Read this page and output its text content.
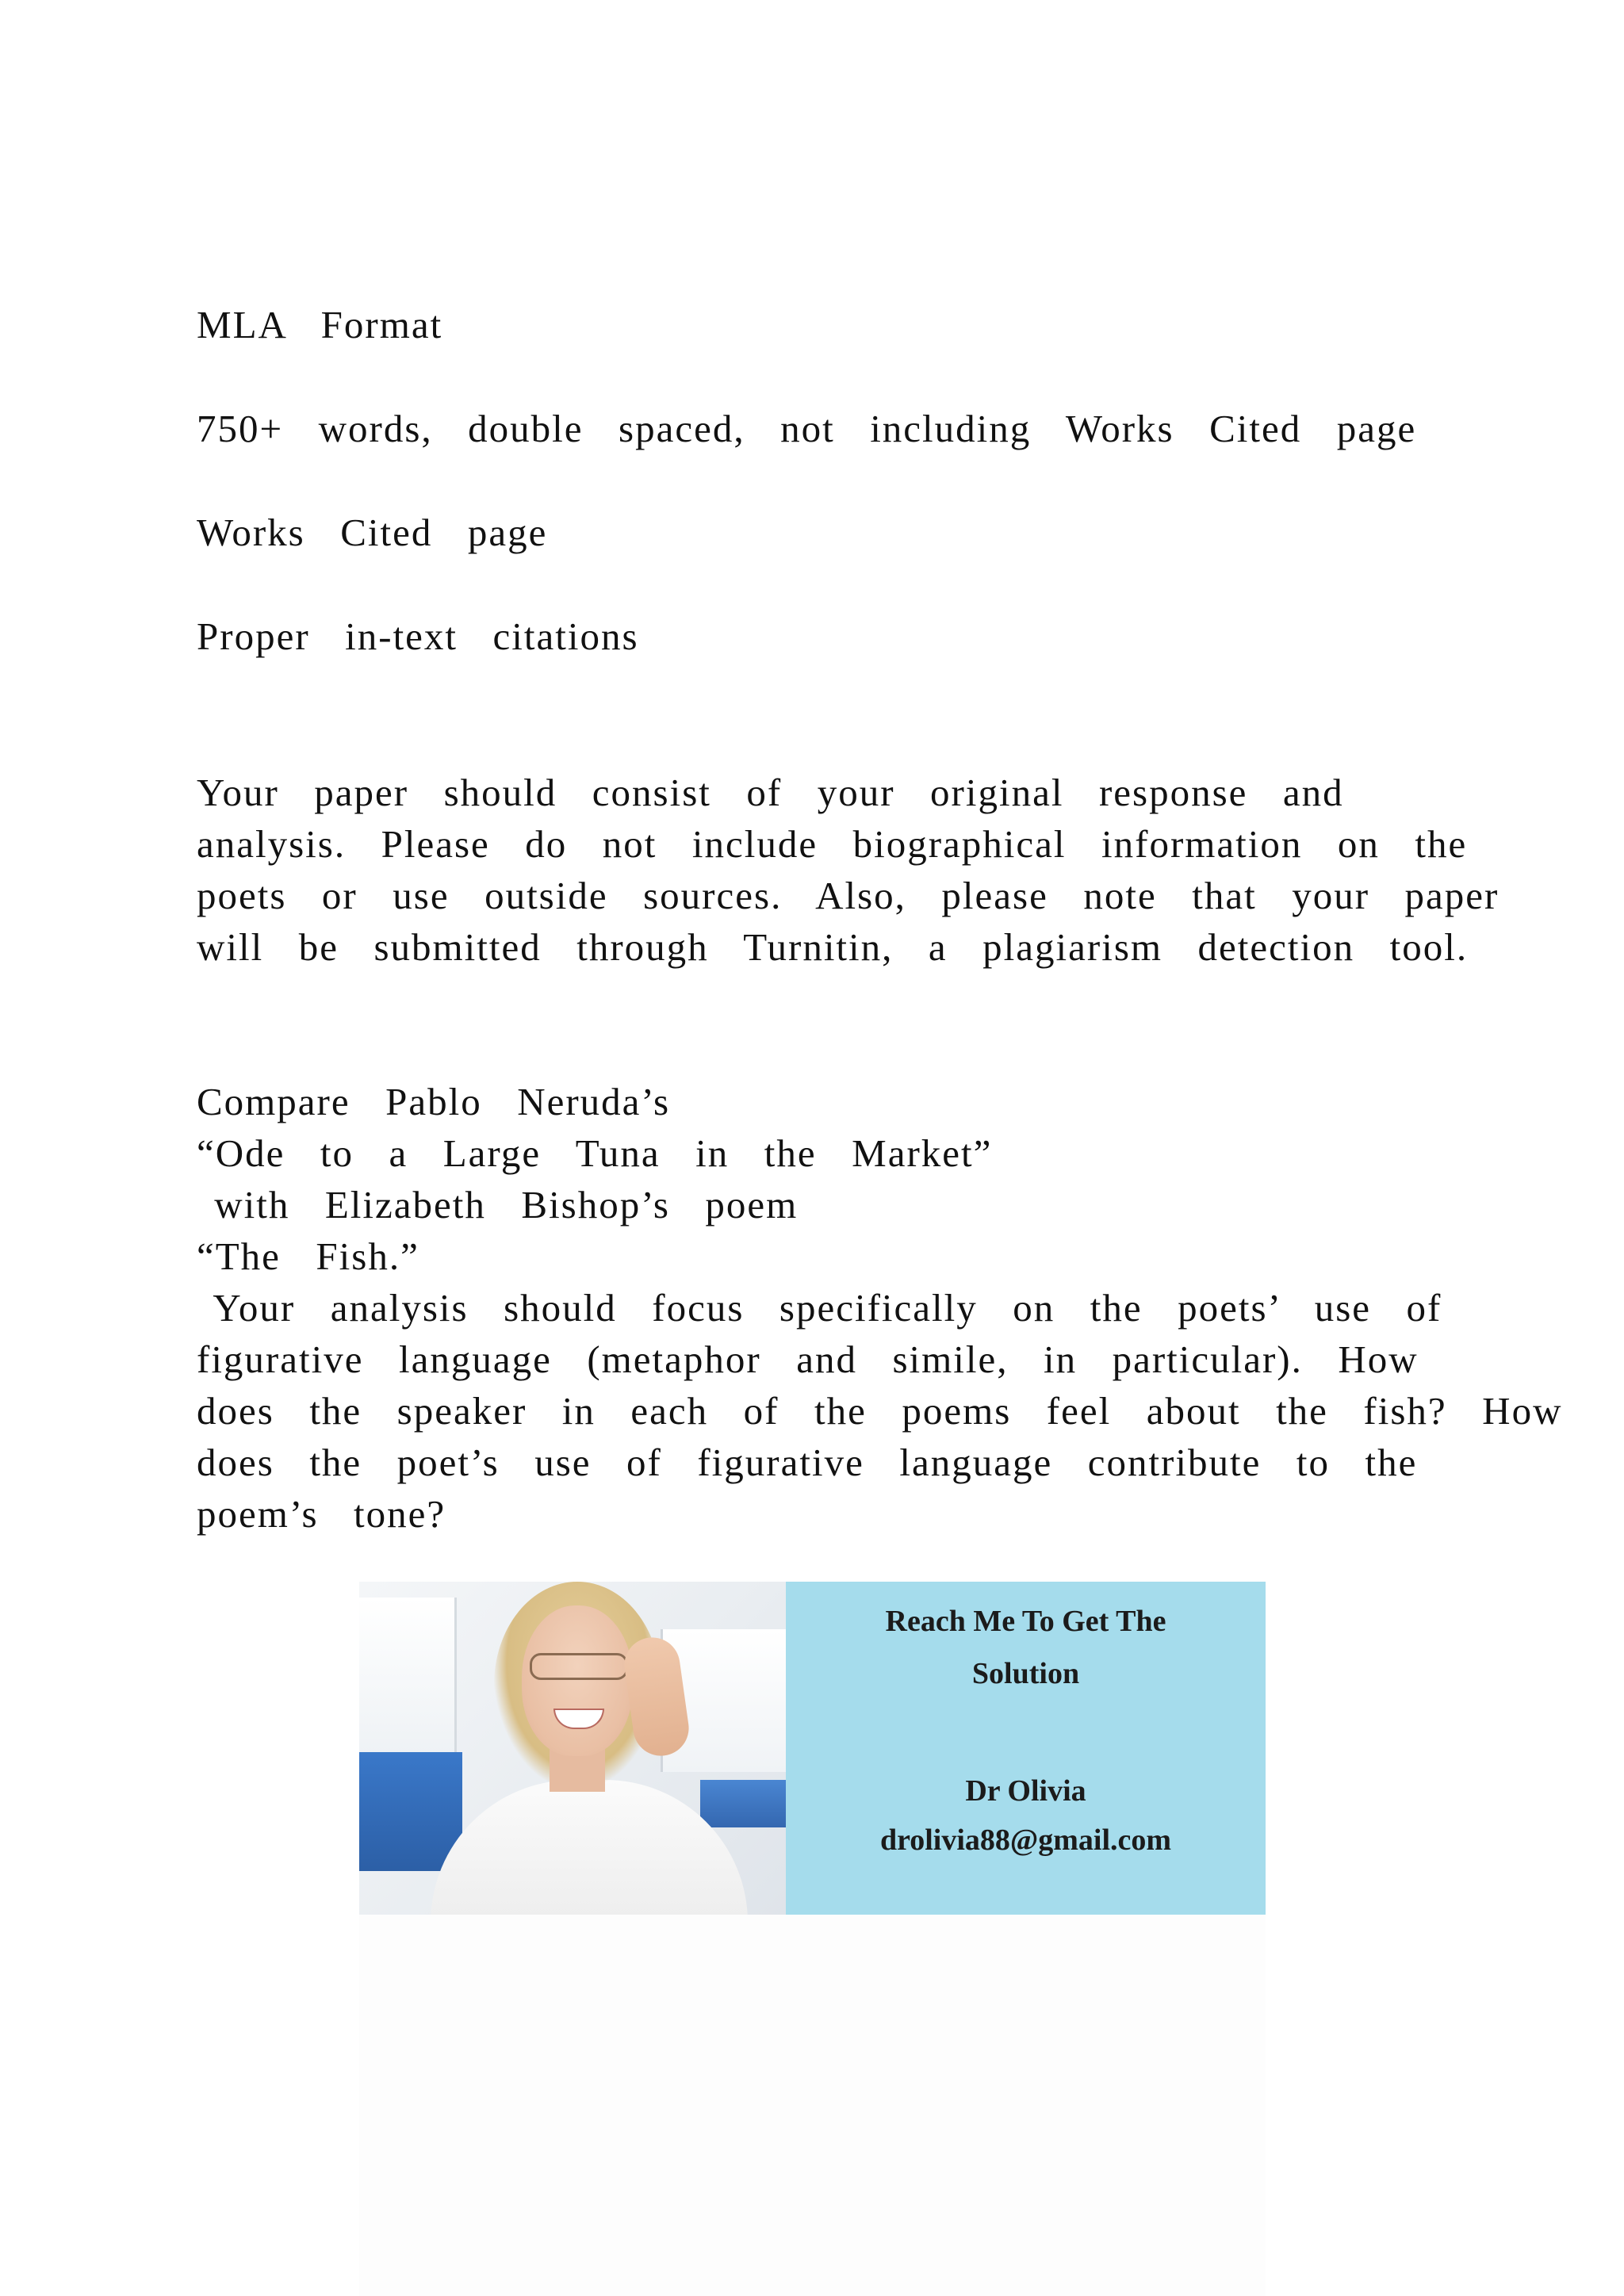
MLA  Format
750+  words,  double  spaced,  not  including  Works  Cited  page
Works  Cited  page
Proper  in-text  citations
Your  paper  should  consist  of  your  original  response  and
analysis.  Please  do  not  include  biographical  information  on  the
poets  or  use  outside  sources.  Also,  please  note  that  your  paper
will  be  submitted  through  Turnitin,  a  plagiarism  detection  tool.
Compare  Pablo  Neruda’s
“Ode  to  a  Large  Tuna  in  the  Market”
with  Elizabeth  Bishop’s  poem
“The  Fish.”
Your  analysis  should  focus  specifically  on  the  poets’  use  of
figurative  language  (metaphor  and  simile,  in  particular).  How
does  the  speaker  in  each  of  the  poems  feel  about  the  fish?  How
does  the  poet’s  use  of  figurative  language  contribute  to  the
poem’s  tone?
Reach Me To Get The
Solution
Dr Olivia
drolivia88@gmail.com
